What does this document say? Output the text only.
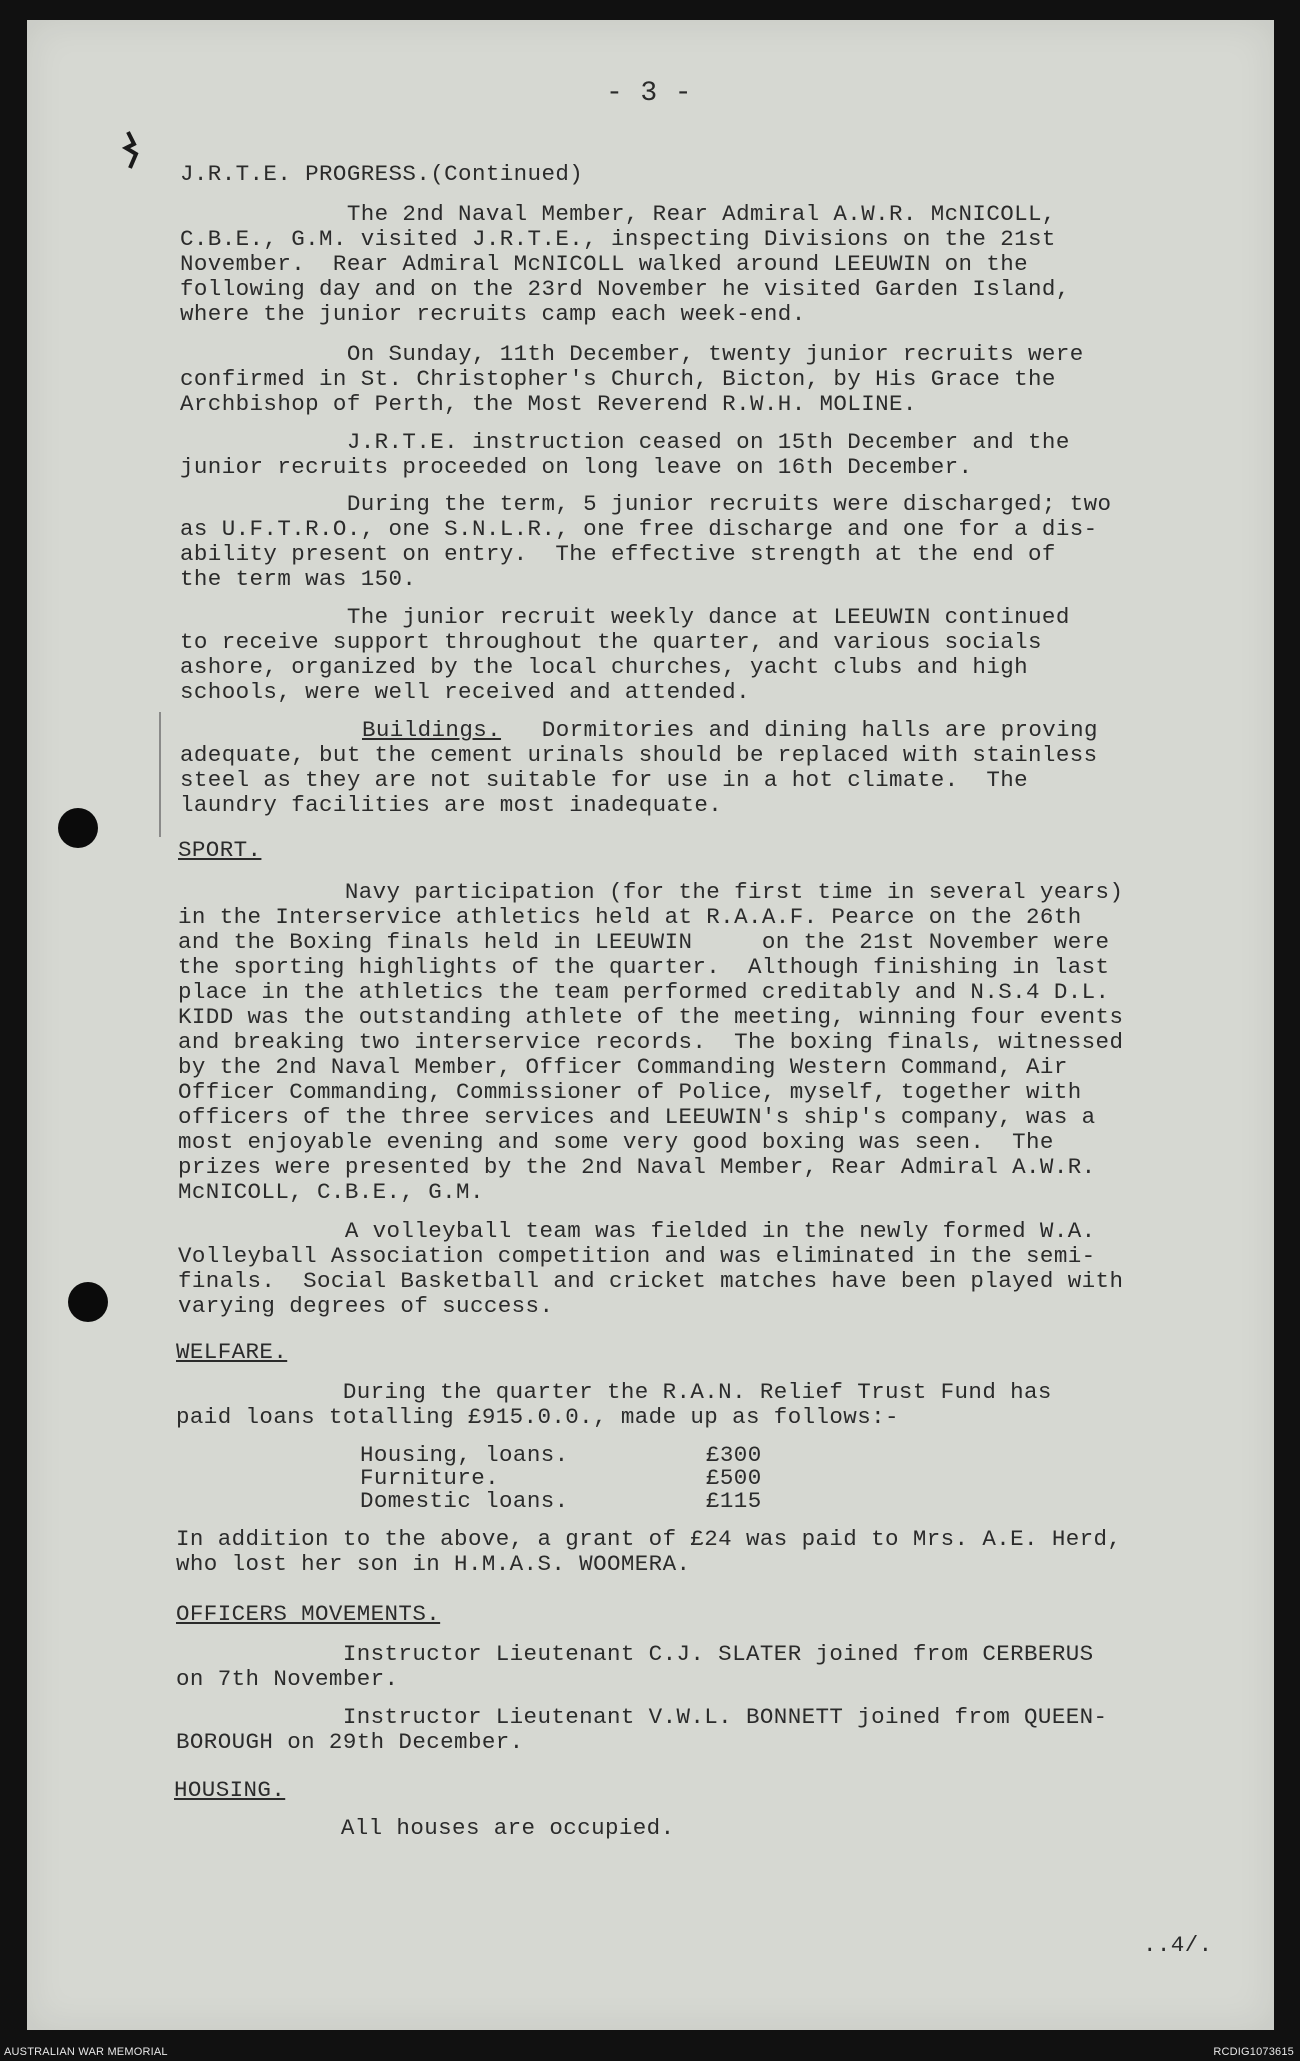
- 3 -
J.R.T.E. PROGRESS.(Continued)
The 2nd Naval Member, Rear Admiral A.W.R. McNICOLL,
C.B.E., G.M. visited J.R.T.E., inspecting Divisions on the 21st
November.  Rear Admiral McNICOLL walked around LEEUWIN on the
following day and on the 23rd November he visited Garden Island,
where the junior recruits camp each week-end.
On Sunday, 11th December, twenty junior recruits were
confirmed in St. Christopher's Church, Bicton, by His Grace the
Archbishop of Perth, the Most Reverend R.W.H. MOLINE.
J.R.T.E. instruction ceased on 15th December and the
junior recruits proceeded on long leave on 16th December.
During the term, 5 junior recruits were discharged; two
as U.F.T.R.O., one S.N.L.R., one free discharge and one for a dis-
ability present on entry.  The effective strength at the end of
the term was 150.
The junior recruit weekly dance at LEEUWIN continued
to receive support throughout the quarter, and various socials
ashore, organized by the local churches, yacht clubs and high
schools, were well received and attended.
Buildings. Dormitories and dining halls are proving
adequate, but the cement urinals should be replaced with stainless
steel as they are not suitable for use in a hot climate.  The
laundry facilities are most inadequate.
SPORT.
Navy participation (for the first time in several years)
in the Interservice athletics held at R.A.A.F. Pearce on the 26th
and the Boxing finals held in LEEUWIN     on the 21st November were
the sporting highlights of the quarter.  Although finishing in last
place in the athletics the team performed creditably and N.S.4 D.L.
KIDD was the outstanding athlete of the meeting, winning four events
and breaking two interservice records.  The boxing finals, witnessed
by the 2nd Naval Member, Officer Commanding Western Command, Air
Officer Commanding, Commissioner of Police, myself, together with
officers of the three services and LEEUWIN's ship's company, was a
most enjoyable evening and some very good boxing was seen.  The
prizes were presented by the 2nd Naval Member, Rear Admiral A.W.R.
McNICOLL, C.B.E., G.M.
A volleyball team was fielded in the newly formed W.A.
Volleyball Association competition and was eliminated in the semi-
finals.  Social Basketball and cricket matches have been played with
varying degrees of success.
WELFARE.
During the quarter the R.A.N. Relief Trust Fund has
paid loans totalling £915.0.0., made up as follows:-
Housing, loans.	£300
Furniture.	£500
Domestic loans.	£115
In addition to the above, a grant of £24 was paid to Mrs. A.E. Herd,
who lost her son in H.M.A.S. WOOMERA.
OFFICERS MOVEMENTS.
Instructor Lieutenant C.J. SLATER joined from CERBERUS
on 7th November.
Instructor Lieutenant V.W.L. BONNETT joined from QUEEN-
BOROUGH on 29th December.
HOUSING.
All houses are occupied.
..4/.
AUSTRALIAN WAR MEMORIAL	RCDIG1073615
